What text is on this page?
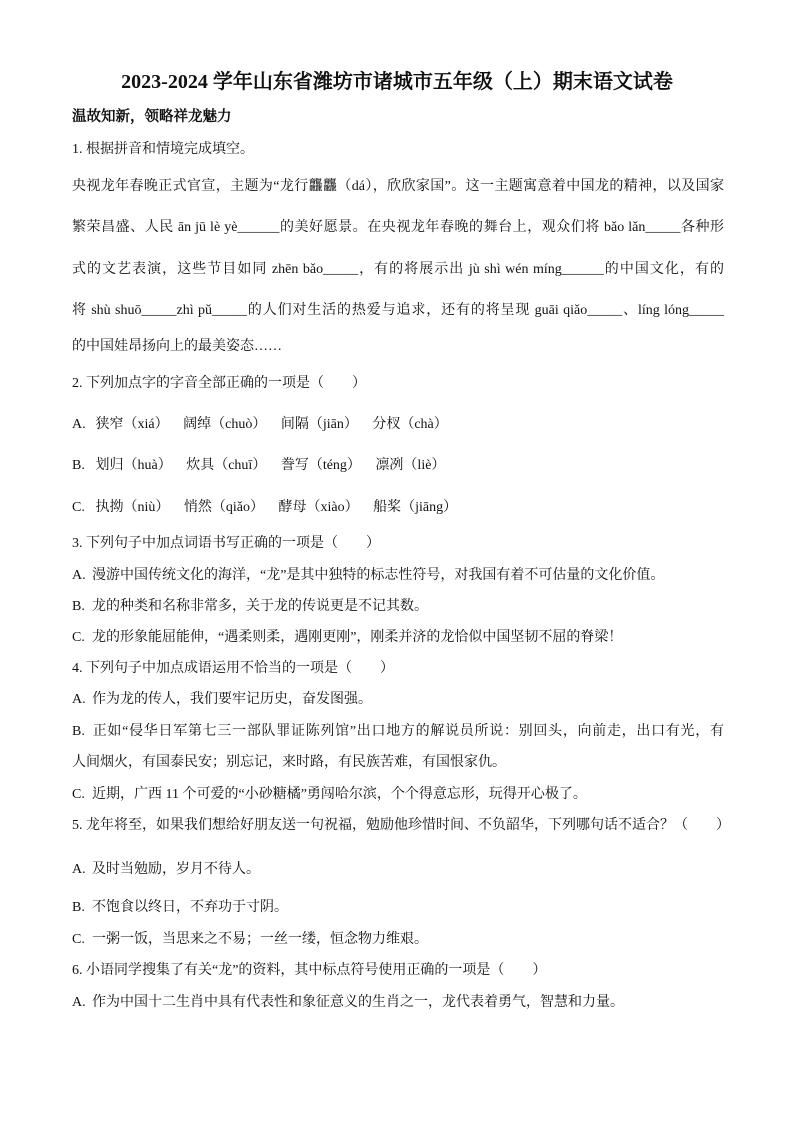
2023-2024 学年山东省潍坊市诸城市五年级（上）期末语文试卷
温故知新，领略祥龙魅力
1. 根据拼音和情境完成填空。
央视龙年春晚正式官宣，主题为“龙行龘龘（dá），欣欣家国”。这一主题寓意着中国龙的精神，以及国家
繁荣昌盛、人民 ān jū lè yè______的美好愿景。在央视龙年春晚的舞台上，观众们将 bǎo lǎn_____各种形
式的文艺表演，这些节目如同 zhēn bǎo_____，有的将展示出 jù shì wén míng______的中国文化，有的
将 shù shuō_____zhì pǔ_____的人们对生活的热爱与追求，还有的将呈现 guāi qiǎo_____、líng lóng_____
的中国娃昂扬向上的最美姿态……
2. 下列加点字的字音全部正确的一项是（　　）
A. 狭窄（xiá） 阔绰（chuò） 间隔（jiān） 分杈（chà）
B. 划归（huà） 炊具（chuī） 誊写（téng） 凛冽（liè）
C. 执拗（niù） 悄然（qiǎo） 酵母（xiào） 船桨（jiāng）
3. 下列句子中加点词语书写正确的一项是（　　）
A. 漫游中国传统文化的海洋，“龙”是其中独特的标志性符号，对我国有着不可估量的文化价值。
B. 龙的种类和名称非常多，关于龙的传说更是不记其数。
C. 龙的形象能屈能伸，“遇柔则柔，遇刚更刚”，刚柔并济的龙恰似中国坚韧不屈的脊梁！
4. 下列句子中加点成语运用不恰当的一项是（　　）
A. 作为龙的传人，我们要牢记历史，奋发图强。
B. 正如“侵华日军第七三一部队罪证陈列馆”出口地方的解说员所说：别回头，向前走，出口有光，有
人间烟火，有国泰民安；别忘记，来时路，有民族苦难，有国恨家仇。
C. 近期，广西 11 个可爱的“小砂糖橘”勇闯哈尔滨，个个得意忘形，玩得开心极了。
5. 龙年将至，如果我们想给好朋友送一句祝福，勉励他珍惜时间、不负韶华，下列哪句话不适合？（　　）
A. 及时当勉励，岁月不待人。
B. 不饱食以终日，不弃功于寸阴。
C. 一粥一饭，当思来之不易；一丝一缕，恒念物力维艰。
6. 小语同学搜集了有关“龙”的资料，其中标点符号使用正确的一项是（　　）
A. 作为中国十二生肖中具有代表性和象征意义的生肖之一，龙代表着勇气，智慧和力量。
